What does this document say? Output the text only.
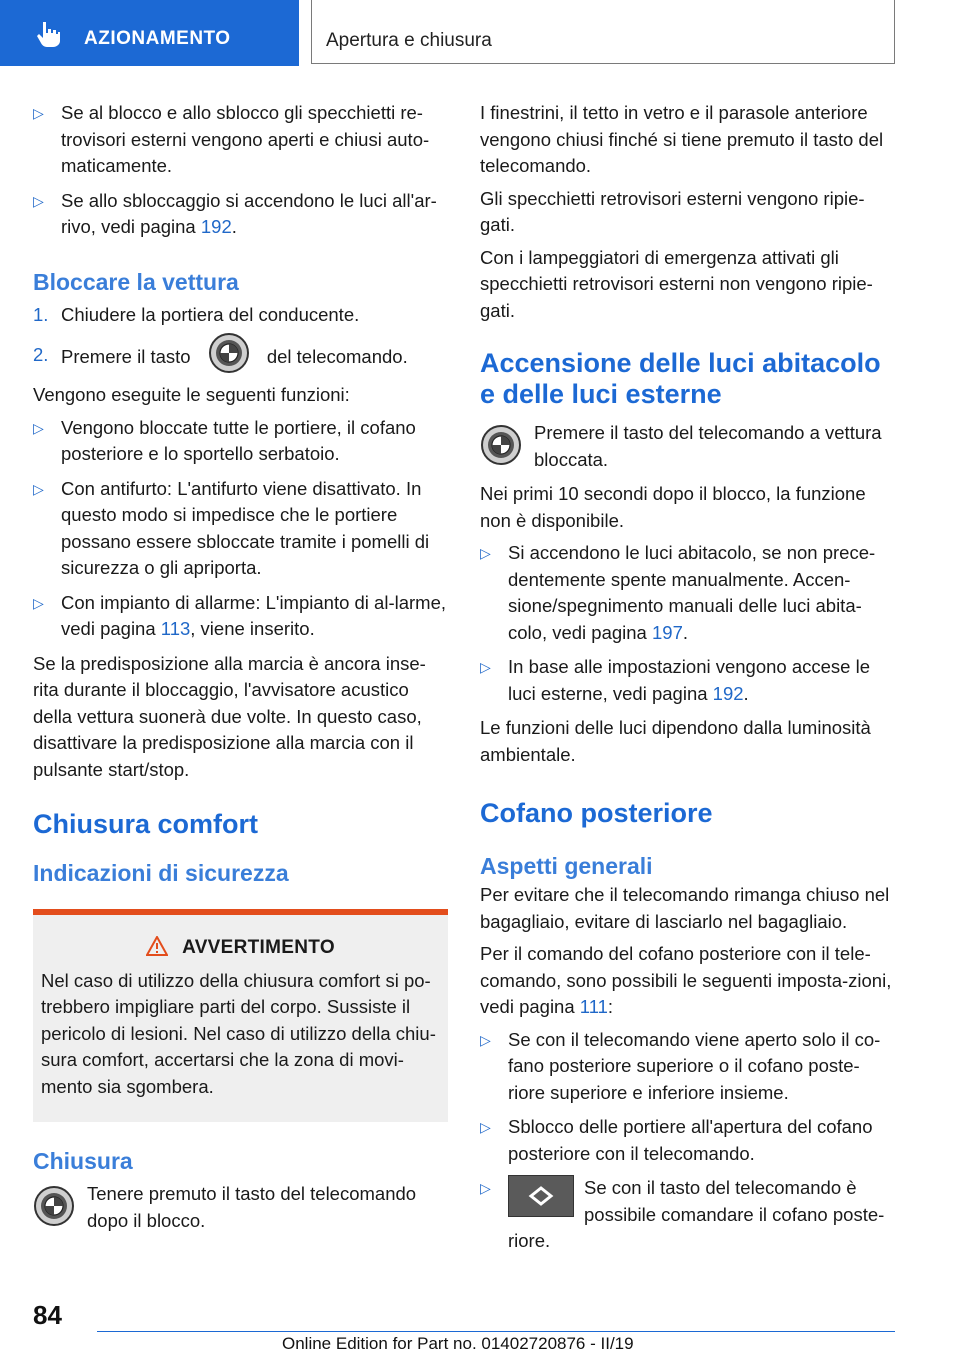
AZIONAMENTO	Apertura e chiusura
▷ Se al blocco e allo sblocco gli specchietti re-trovisori esterni vengono aperti e chiusi auto-maticamente.
▷ Se allo sbloccaggio si accendono le luci all'ar-rivo, vedi pagina 192.
Bloccare la vettura
1. Chiudere la portiera del conducente.
2. Premere il tasto	del telecomando.

Vengono eseguite le seguenti funzioni:

▷ Vengono bloccate tutte le portiere, il cofano posteriore e lo sportello serbatoio.
▷ Con antifurto: L'antifurto viene disattivato. In questo modo si impedisce che le portiere possano essere sbloccate tramite i pomelli di sicurezza o gli apriporta.
▷ Con impianto di allarme: L'impianto di al-larme, vedi pagina 113, viene inserito.

Se la predisposizione alla marcia è ancora inse-rita durante il bloccaggio, l'avvisatore acustico della vettura suonerà due volte. In questo caso, disattivare la predisposizione alla marcia con il pulsante start/stop.

Chiusura comfort
Indicazioni di sicurezza
AVVERTIMENTO
Nel caso di utilizzo della chiusura comfort si po-trebbero impigliare parti del corpo. Sussiste il pericolo di lesioni. Nel caso di utilizzo della chiu-sura comfort, accertarsi che la zona di movi-mento sia sgombera.
Chiusura
Tenere premuto il tasto del telecomando dopo il blocco.

I finestrini, il tetto in vetro e il parasole anteriore vengono chiusi finché si tiene premuto il tasto del telecomando.

Gli specchietti retrovisori esterni vengono ripie-gati.

Con i lampeggiatori di emergenza attivati gli specchietti retrovisori esterni non vengono ripie-gati.

Accensione delle luci abitacolo e delle luci esterne
Premere il tasto del telecomando a vettura bloccata.

Nei primi 10 secondi dopo il blocco, la funzione non è disponibile.

▷ Si accendono le luci abitacolo, se non prece-dentemente spente manualmente. Accen-sione/spegnimento manuali delle luci abita-colo, vedi pagina 197.
▷ In base alle impostazioni vengono accese le luci esterne, vedi pagina 192.

Le funzioni delle luci dipendono dalla luminosità ambientale.

Cofano posteriore
Aspetti generali

Per evitare che il telecomando rimanga chiuso nel bagagliaio, evitare di lasciarlo nel bagagliaio.

Per il comando del cofano posteriore con il tele-comando, sono possibili le seguenti imposta-zioni, vedi pagina 111:

▷ Se con il telecomando viene aperto solo il co-fano posteriore superiore o il cofano poste-riore superiore e inferiore insieme.
▷ Sblocco delle portiere all'apertura del cofano posteriore con il telecomando.
▷	Se con il tasto del telecomando è possibile comandare il cofano poste-riore.
84
Online Edition for Part no. 01402720876 - II/19
